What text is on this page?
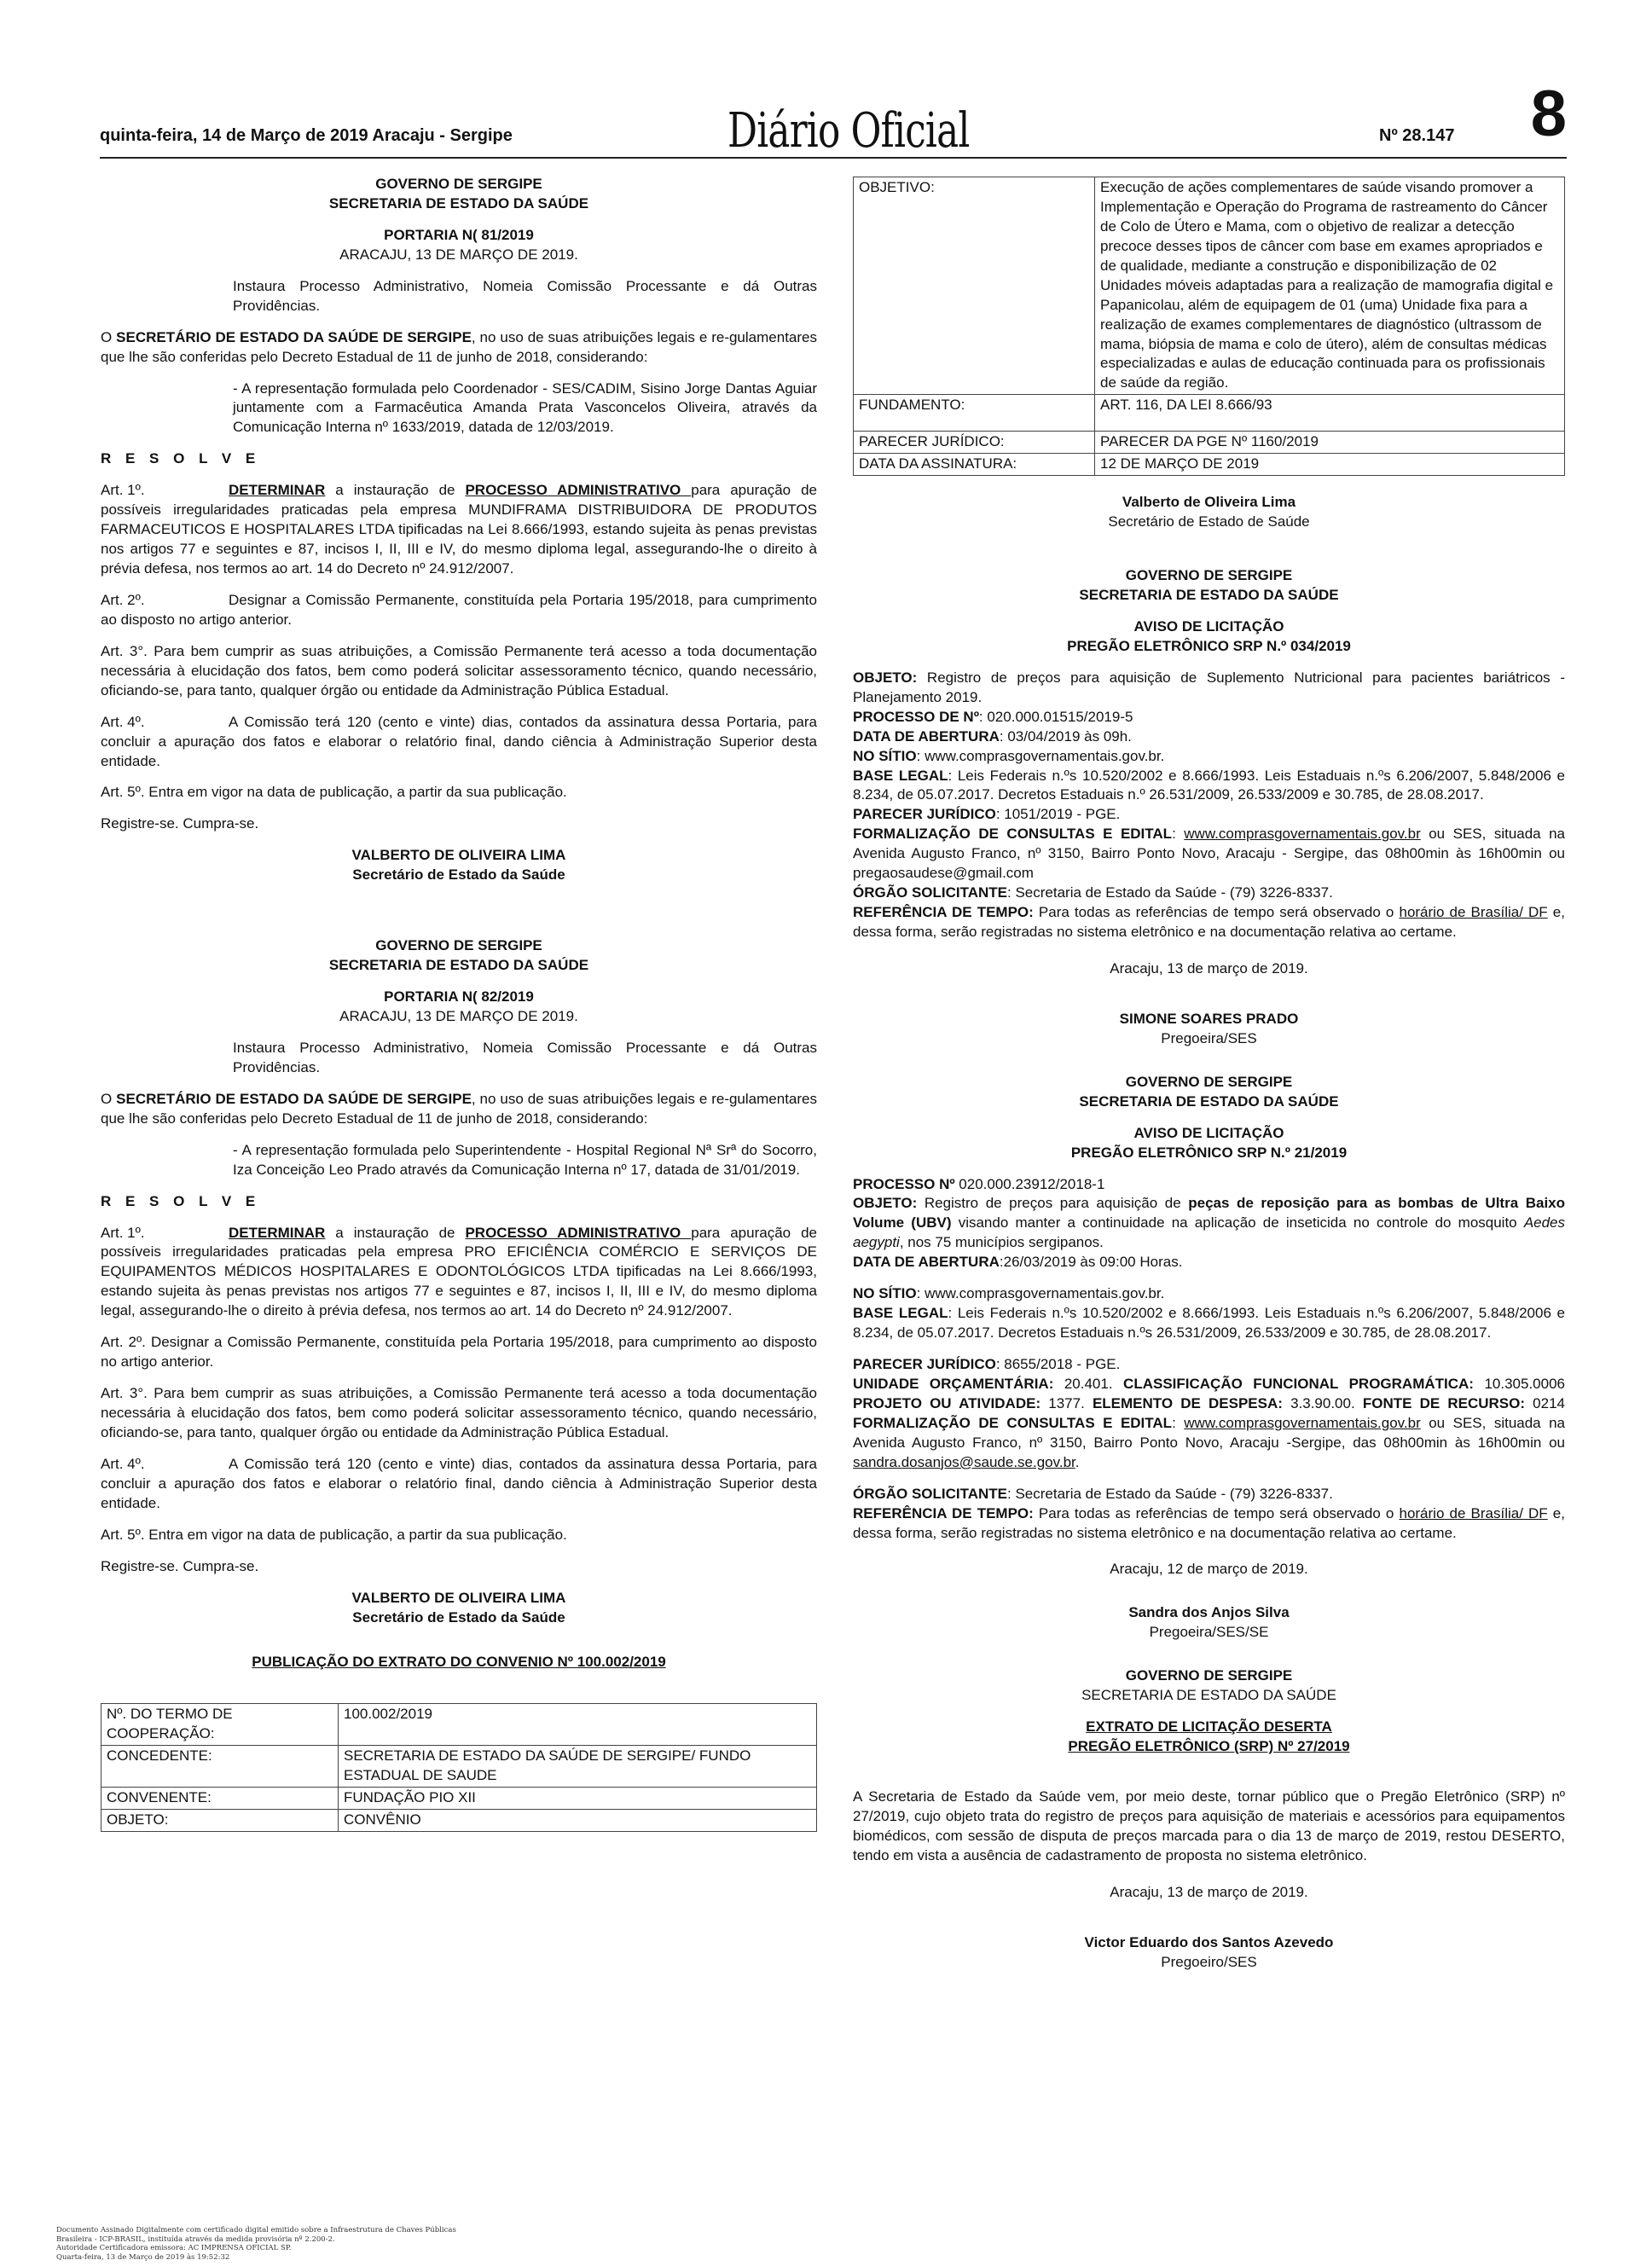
quinta-feira, 14 de Março de 2019 Aracaju - Sergipe	Diário Oficial	Nº 28.147 8

GOVERNO DE SERGIPE

SECRETARIA DE ESTADO DA SAÚDE

PORTARIA N( 81/2019

ARACAJU, 13 DE MARÇO DE 2019.

Instaura Processo Administrativo, Nomeia Comissão Processante e dá Outras Providências.

O SECRETÁRIO DE ESTADO DA SAÚDE DE SERGIPE, no uso de suas atribuições legais e re-gulamentares que lhe são conferidas pelo Decreto Estadual de 11 de junho de 2018, considerando:

- A representação formulada pelo Coordenador - SES/CADIM, Sisino Jorge Dantas Aguiar juntamente com a Farmacêutica Amanda Prata Vasconcelos Oliveira, através da Comunicação Interna nº 1633/2019, datada de 12/03/2019.

R E S O L V E

Art. 1º.	DETERMINAR a instauração de PROCESSO ADMINISTRATIVO para apuração de possíveis irregularidades praticadas pela empresa MUNDIFRAMA DISTRIBUIDORA DE PRODUTOS FARMACEUTICOS E HOSPITALARES LTDA tipificadas na Lei 8.666/1993, estando sujeita às penas previstas nos artigos 77 e seguintes e 87, incisos I, II, III e IV, do mesmo diploma legal, assegurando-lhe o direito à prévia defesa, nos termos ao art. 14 do Decreto nº 24.912/2007.

Art. 2º.	Designar a Comissão Permanente, constituída pela Portaria 195/2018, para cumprimento ao disposto no artigo anterior.

Art. 3°. Para bem cumprir as suas atribuições, a Comissão Permanente terá acesso a toda documentação necessária à elucidação dos fatos, bem como poderá solicitar assessoramento técnico, quando necessário, oficiando-se, para tanto, qualquer órgão ou entidade da Administração Pública Estadual.

Art. 4º.	A Comissão terá 120 (cento e vinte) dias, contados da assinatura dessa Portaria, para concluir a apuração dos fatos e elaborar o relatório final, dando ciência à Administração Superior desta entidade.

Art. 5º. Entra em vigor na data de publicação, a partir da sua publicação.

Registre-se. Cumpra-se.

VALBERTO DE OLIVEIRA LIMA

Secretário de Estado da Saúde

GOVERNO DE SERGIPE

SECRETARIA DE ESTADO DA SAÚDE

PORTARIA N( 82/2019

ARACAJU, 13 DE MARÇO DE 2019.

Instaura Processo Administrativo, Nomeia Comissão Processante e dá Outras Providências.

O SECRETÁRIO DE ESTADO DA SAÚDE DE SERGIPE, no uso de suas atribuições legais e re-gulamentares que lhe são conferidas pelo Decreto Estadual de 11 de junho de 2018, considerando:

- A representação formulada pelo Superintendente - Hospital Regional Nª Srª do Socorro, Iza Conceição Leo Prado através da Comunicação Interna nº 17, datada de 31/01/2019.

R E S O L V E

Art. 1º.	DETERMINAR a instauração de PROCESSO ADMINISTRATIVO para apuração de possíveis irregularidades praticadas pela empresa PRO EFICIÊNCIA COMÉRCIO E SERVIÇOS DE EQUIPAMENTOS MÉDICOS HOSPITALARES E ODONTOLÓGICOS LTDA tipificadas na Lei 8.666/1993, estando sujeita às penas previstas nos artigos 77 e seguintes e 87, incisos I, II, III e IV, do mesmo diploma legal, assegurando-lhe o direito à prévia defesa, nos termos ao art. 14 do Decreto nº 24.912/2007.

Art. 2º. Designar a Comissão Permanente, constituída pela Portaria 195/2018, para cumprimento ao disposto no artigo anterior.

Art. 3°. Para bem cumprir as suas atribuições, a Comissão Permanente terá acesso a toda documentação necessária à elucidação dos fatos, bem como poderá solicitar assessoramento técnico, quando necessário, oficiando-se, para tanto, qualquer órgão ou entidade da Administração Pública Estadual.

Art. 4º.	A Comissão terá 120 (cento e vinte) dias, contados da assinatura dessa Portaria, para concluir a apuração dos fatos e elaborar o relatório final, dando ciência à Administração Superior desta entidade.

Art. 5º. Entra em vigor na data de publicação, a partir da sua publicação.

Registre-se. Cumpra-se.

VALBERTO DE OLIVEIRA LIMA

Secretário de Estado da Saúde

PUBLICAÇÃO DO EXTRATO DO CONVENIO Nº 100.002/2019

Nº. DO TERMO DE COOPERAÇÃO:	100.002/2019
CONCEDENTE:	SECRETARIA DE ESTADO DA SAÚDE DE SERGIPE/ FUNDO ESTADUAL DE SAUDE
CONVENENTE:	FUNDAÇÃO PIO XII
OBJETO:	CONVÊNIO
OBJETIVO:	Execução de ações complementares de saúde visando promover a Implementação e Operação do Programa de rastreamento do Câncer de Colo de Útero e Mama, com o objetivo de realizar a detecção precoce desses tipos de câncer com base em exames apropriados e de qualidade, mediante a construção e disponibilização de 02 Unidades móveis adaptadas para a realização de mamografia digital e Papanicolau, além de equipagem de 01 (uma) Unidade fixa para a realização de exames complementares de diagnóstico (ultrassom de mama, biópsia de mama e colo de útero), além de consultas médicas especializadas e aulas de educação continuada para os profissionais de saúde da região.
FUNDAMENTO:	ART. 116, DA LEI 8.666/93
PARECER JURÍDICO:	PARECER DA PGE Nº 1160/2019
DATA DA ASSINATURA:	12 DE MARÇO DE 2019

Valberto de Oliveira Lima

Secretário de Estado de Saúde

GOVERNO DE SERGIPE

SECRETARIA DE ESTADO DA SAÚDE

AVISO DE LICITAÇÃO

PREGÃO ELETRÔNICO SRP N.º 034/2019

OBJETO: Registro de preços para aquisição de Suplemento Nutricional para pacientes bariátricos -Planejamento 2019.

PROCESSO DE Nº: 020.000.01515/2019-5

DATA DE ABERTURA: 03/04/2019 às 09h.

NO SÍTIO: www.comprasgovernamentais.gov.br.

BASE LEGAL: Leis Federais n.ºs 10.520/2002 e 8.666/1993. Leis Estaduais n.ºs 6.206/2007, 5.848/2006 e 8.234, de 05.07.2017. Decretos Estaduais n.º 26.531/2009, 26.533/2009 e 30.785, de 28.08.2017.

PARECER JURÍDICO: 1051/2019 - PGE.

FORMALIZAÇÃO DE CONSULTAS E EDITAL: www.comprasgovernamentais.gov.br ou SES, situada na Avenida Augusto Franco, nº 3150, Bairro Ponto Novo, Aracaju - Sergipe, das 08h00min às 16h00min ou pregaosaudese@gmail.com

ÓRGÃO SOLICITANTE: Secretaria de Estado da Saúde - (79) 3226-8337.

REFERÊNCIA DE TEMPO: Para todas as referências de tempo será observado o horário de Brasília/ DF e, dessa forma, serão registradas no sistema eletrônico e na documentação relativa ao certame.

Aracaju, 13 de março de 2019.

SIMONE SOARES PRADO

Pregoeira/SES

GOVERNO DE SERGIPE

SECRETARIA DE ESTADO DA SAÚDE

AVISO DE LICITAÇÃO

PREGÃO ELETRÔNICO SRP N.º 21/2019

PROCESSO Nº 020.000.23912/2018-1

OBJETO: Registro de preços para aquisição de peças de reposição para as bombas de Ultra Baixo Volume (UBV) visando manter a continuidade na aplicação de inseticida no controle do mosquito Aedes aegypti, nos 75 municípios sergipanos.

DATA DE ABERTURA:26/03/2019 às 09:00 Horas.

NO SÍTIO: www.comprasgovernamentais.gov.br.

BASE LEGAL: Leis Federais n.ºs 10.520/2002 e 8.666/1993. Leis Estaduais n.ºs 6.206/2007, 5.848/2006 e 8.234, de 05.07.2017. Decretos Estaduais n.ºs 26.531/2009, 26.533/2009 e 30.785, de 28.08.2017.

PARECER JURÍDICO: 8655/2018 - PGE.

UNIDADE ORÇAMENTÁRIA: 20.401. CLASSIFICAÇÃO FUNCIONAL PROGRAMÁTICA: 10.305.0006 PROJETO OU ATIVIDADE: 1377. ELEMENTO DE DESPESA: 3.3.90.00. FONTE DE RECURSO: 0214 FORMALIZAÇÃO DE CONSULTAS E EDITAL: www.comprasgovernamentais.gov.br ou SES, situada na Avenida Augusto Franco, nº 3150, Bairro Ponto Novo, Aracaju -Sergipe, das 08h00min às 16h00min ou sandra.dosanjos@saude.se.gov.br.

ÓRGÃO SOLICITANTE: Secretaria de Estado da Saúde - (79) 3226-8337.

REFERÊNCIA DE TEMPO: Para todas as referências de tempo será observado o horário de Brasília/ DF e, dessa forma, serão registradas no sistema eletrônico e na documentação relativa ao certame.

Aracaju, 12 de março de 2019.

Sandra dos Anjos Silva

Pregoeira/SES/SE

GOVERNO DE SERGIPE

SECRETARIA DE ESTADO DA SAÚDE

EXTRATO DE LICITAÇÃO DESERTA

PREGÃO ELETRÔNICO (SRP) Nº 27/2019

A Secretaria de Estado da Saúde vem, por meio deste, tornar público que o Pregão Eletrônico (SRP) nº 27/2019, cujo objeto trata do registro de preços para aquisição de materiais e acessórios para equipamentos biomédicos, com sessão de disputa de preços marcada para o dia 13 de março de 2019, restou DESERTO, tendo em vista a ausência de cadastramento de proposta no sistema eletrônico.

Aracaju, 13 de março de 2019.

Victor Eduardo dos Santos Azevedo

Pregoeiro/SES

Documento Assinado Digitalmente com certificado digital emitido sobre a Infraestrutura de Chaves Públicas
Brasileira - ICP-BRASIL, instituída através da medida provisória nº 2.200-2.
Autoridade Certificadora emissora: AC IMPRENSA OFICIAL SP.
Quarta-feira, 13 de Março de 2019 às 19:52:32
